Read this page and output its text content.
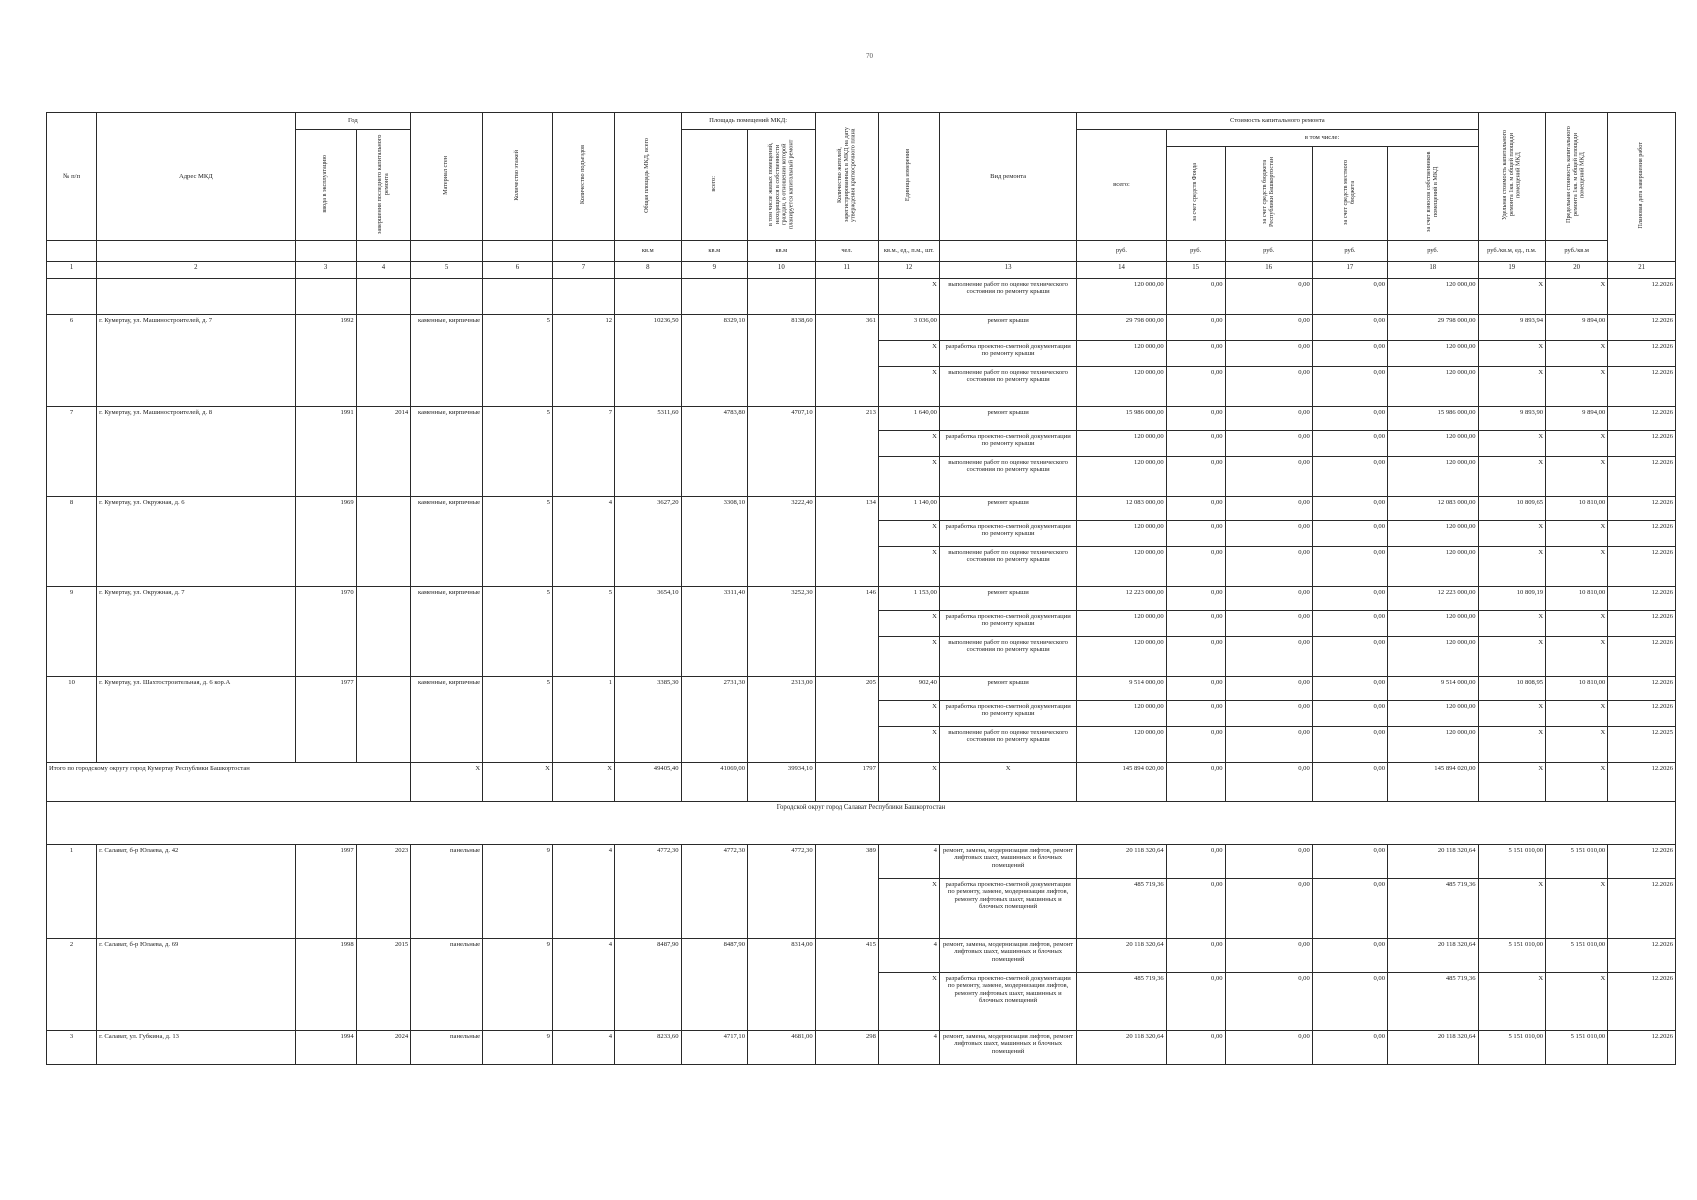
70
№ п/п	Адрес МКД	Год		Материал стен	Количество этажей	Количество подъездов	Общая площадь МКД, всего	Площадь помещений МКД:		Количество жителей, зарегистрированных в МКД на дату утверждения краткосрочного плана	Единица измерения	Вид ремонта	Стоимость капитального ремонта					Удельная стоимость капитального ремонта 1кв. м общей площади помещений МКД	Предельная стоимость капитального ремонта 1кв. м общей площади помещений МКД	Плановая дата завершения работ
		ввода в эксплуатацию	завершения последнего капитального ремонта					всего:	в том числе жилых помещений, находящихся в собственности граждан, в отношении которой планируется капитальный ремонт				всего:	в том числе:						
														за счет средств Фонда	за счет средств бюджета Республики Башкортостан	за счет средств местного бюджета	за счет взносов собственников помещений в МКД			
							кв.м	кв.м	кв.м	чел.	кв.м., ед., п.м., шт.		руб.	руб.	руб.	руб.	руб.	руб./кв.м, ед., п.м.	руб./кв.м	
1	2	3	4	5	6	7	8	9	10	11	12	13	14	15	16	17	18	19	20	21
											X	выполнение работ по оценке технического состояния по ремонту крыши	120 000,00	0,00	0,00	0,00	120 000,00	X	X	12.2026
6	г. Кумертау, ул. Машиностроителей, д. 7	1992		каменные, кирпичные	5	12	10236,50	8329,10	8138,60	361	3 036,00	ремонт крыши	29 798 000,00	0,00	0,00	0,00	29 798 000,00	9 893,94	9 894,00	12.2026
											X	разработка проектно-сметной документации по ремонту крыши	120 000,00	0,00	0,00	0,00	120 000,00	X	X	12.2026
											X	выполнение работ по оценке технического состояния по ремонту крыши	120 000,00	0,00	0,00	0,00	120 000,00	X	X	12.2026
7	г. Кумертау, ул. Машиностроителей, д. 8	1991	2014	каменные, кирпичные	5	7	5311,60	4783,80	4707,10	213	1 640,00	ремонт крыши	15 986 000,00	0,00	0,00	0,00	15 986 000,00	9 893,90	9 894,00	12.2026
											X	разработка проектно-сметной документации по ремонту крыши	120 000,00	0,00	0,00	0,00	120 000,00	X	X	12.2026
											X	выполнение работ по оценке технического состояния по ремонту крыши	120 000,00	0,00	0,00	0,00	120 000,00	X	X	12.2026
8	г. Кумертау, ул. Окружная, д. 6	1969		каменные, кирпичные	5	4	3627,20	3308,10	3222,40	134	1 140,00	ремонт крыши	12 083 000,00	0,00	0,00	0,00	12 083 000,00	10 809,65	10 810,00	12.2026
											X	разработка проектно-сметной документации по ремонту крыши	120 000,00	0,00	0,00	0,00	120 000,00	X	X	12.2026
											X	выполнение работ по оценке технического состояния по ремонту крыши	120 000,00	0,00	0,00	0,00	120 000,00	X	X	12.2026
9	г. Кумертау, ул. Окружная, д. 7	1970		каменные, кирпичные	5	5	3654,10	3311,40	3252,30	146	1 153,00	ремонт крыши	12 223 000,00	0,00	0,00	0,00	12 223 000,00	10 809,19	10 810,00	12.2026
											X	разработка проектно-сметной документации по ремонту крыши	120 000,00	0,00	0,00	0,00	120 000,00	X	X	12.2026
											X	выполнение работ по оценке технического состояния по ремонту крыши	120 000,00	0,00	0,00	0,00	120 000,00	X	X	12.2026
10	г. Кумертау, ул. Шахтостроительная, д. 6 кор.А	1977		каменные, кирпичные	5	1	3385,30	2731,30	2313,00	205	902,40	ремонт крыши	9 514 000,00	0,00	0,00	0,00	9 514 000,00	10 808,95	10 810,00	12.2026
											X	разработка проектно-сметной документации по ремонту крыши	120 000,00	0,00	0,00	0,00	120 000,00	X	X	12.2026
											X	выполнение работ по оценке технического состояния по ремонту крыши	120 000,00	0,00	0,00	0,00	120 000,00	X	X	12.2025
Итого по городскому округу город Кумертау Республики Башкортостан				X	X	X	49405,40	41069,00	39934,10	1797	X	X	145 894 020,00	0,00	0,00	0,00	145 894 020,00	X	X	12.2026
Городской округ город Салават Республики Башкортостан																				
1	г. Салават, б-р Юлаева, д. 42	1997	2023	панельные	9	4	4772,30	4772,30	4772,30	389	4	ремонт, замена, модернизация лифтов, ремонт лифтовых шахт, машинных и блочных помещений	20 118 320,64	0,00	0,00	0,00	20 118 320,64	5 151 010,00	5 151 010,00	12.2026
											X	разработка проектно-сметной документации по ремонту, замене, модернизации лифтов, ремонту лифтовых шахт, машинных и блочных помещений	485 719,36	0,00	0,00	0,00	485 719,36	X	X	12.2026
2	г. Салават, б-р Юлаева, д. 69	1998	2015	панельные	9	4	8487,90	8487,90	8314,00	415	4	ремонт, замена, модернизация лифтов, ремонт лифтовых шахт, машинных и блочных помещений	20 118 320,64	0,00	0,00	0,00	20 118 320,64	5 151 010,00	5 151 010,00	12.2026
											X	разработка проектно-сметной документации по ремонту, замене, модернизации лифтов, ремонту лифтовых шахт, машинных и блочных помещений	485 719,36	0,00	0,00	0,00	485 719,36	X	X	12.2026
3	г. Салават, ул. Губкина, д. 13	1994	2024	панельные	9	4	8233,60	4717,10	4681,00	298	4	ремонт, замена, модернизация лифтов, ремонт лифтовых шахт, машинных и блочных помещений	20 118 320,64	0,00	0,00	0,00	20 118 320,64	5 151 010,00	5 151 010,00	12.2026
